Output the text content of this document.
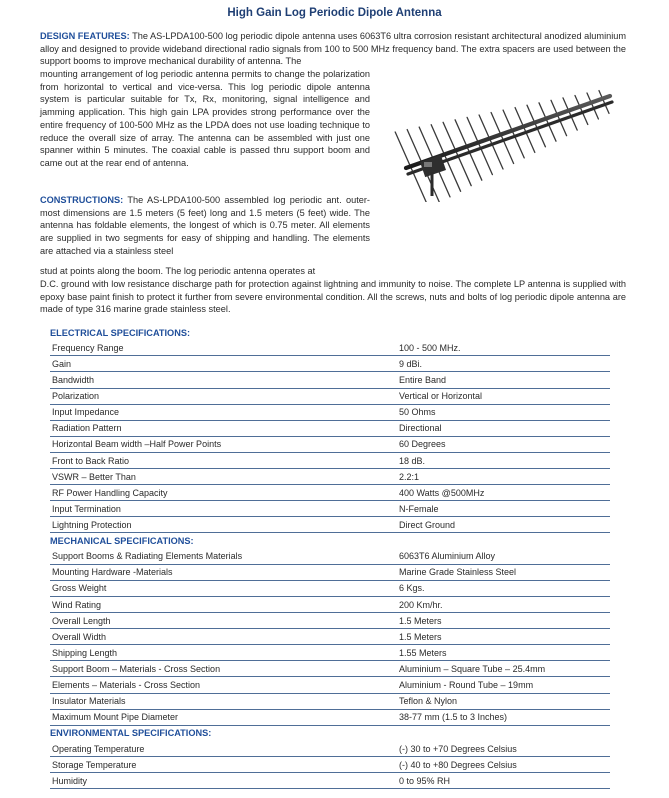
High Gain Log Periodic Dipole Antenna
DESIGN FEATURES: The AS-LPDA100-500 log periodic dipole antenna uses 6063T6 ultra corrosion resistant architectural anodized aluminium alloy and designed to provide wideband directional radio signals from 100 to 500 MHz frequency band. The extra spacers are used between the support booms to improve mechanical durability of antenna. The
mounting arrangement of log periodic antenna permits to change the polarization from horizontal to vertical and vice-versa. This log periodic dipole antenna system is particular suitable for Tx, Rx, monitoring, signal intelligence and jamming application. This high gain LPA provides strong performance over the entire frequency of 100-500 MHz as the LPDA does not use loading technique to reduce the overall size of array. The antenna can be assembled with just one spanner within 5 minutes. The coaxial cable is passed thru support boom and came out at the rear end of antenna.
CONSTRUCTIONS: The AS-LPDA100-500 assembled log periodic ant. outer-most dimensions are 1.5 meters (5 feet) long and 1.5 meters (5 feet) wide. The antenna has foldable elements, the longest of which is 0.75 meter. All elements are supplied in two segments for easy of shipping and handling. The elements are attached via a stainless steel
stud at points along the boom. The log periodic antenna operates at
D.C. ground with low resistance discharge path for protection against lightning and immunity to noise. The complete LP antenna is supplied with epoxy base paint finish to protect it further from severe environmental condition. All the screws, nuts and bolts of log periodic dipole antenna are made of type 316 marine grade stainless steel.
ELECTRICAL SPECIFICATIONS:	
Frequency Range	100 - 500 MHz.
Gain	9 dBi.
Bandwidth	Entire Band
Polarization	Vertical or Horizontal
Input Impedance	50 Ohms
Radiation Pattern	Directional
Horizontal Beam width –Half Power Points	60 Degrees
Front to Back Ratio	18 dB.
VSWR – Better Than	2.2:1
RF Power Handling Capacity	400 Watts @500MHz
Input Termination	N-Female
Lightning Protection	Direct Ground
MECHANICAL SPECIFICATIONS:	
Support Booms & Radiating Elements Materials	6063T6 Aluminium Alloy
Mounting Hardware -Materials	Marine Grade Stainless Steel
Gross Weight	6 Kgs.
Wind Rating	200 Km/hr.
Overall Length	1.5 Meters
Overall Width	1.5 Meters
Shipping Length	1.55 Meters
Support Boom – Materials - Cross Section	Aluminium – Square Tube – 25.4mm
Elements – Materials - Cross Section	Aluminium - Round Tube – 19mm
Insulator Materials	Teflon & Nylon
Maximum Mount Pipe Diameter	38-77 mm (1.5 to 3 Inches)
ENVIRONMENTAL SPECIFICATIONS:	
Operating Temperature	(-) 30 to +70 Degrees Celsius
Storage Temperature	(-) 40 to +80 Degrees Celsius
Humidity	0 to 95% RH
